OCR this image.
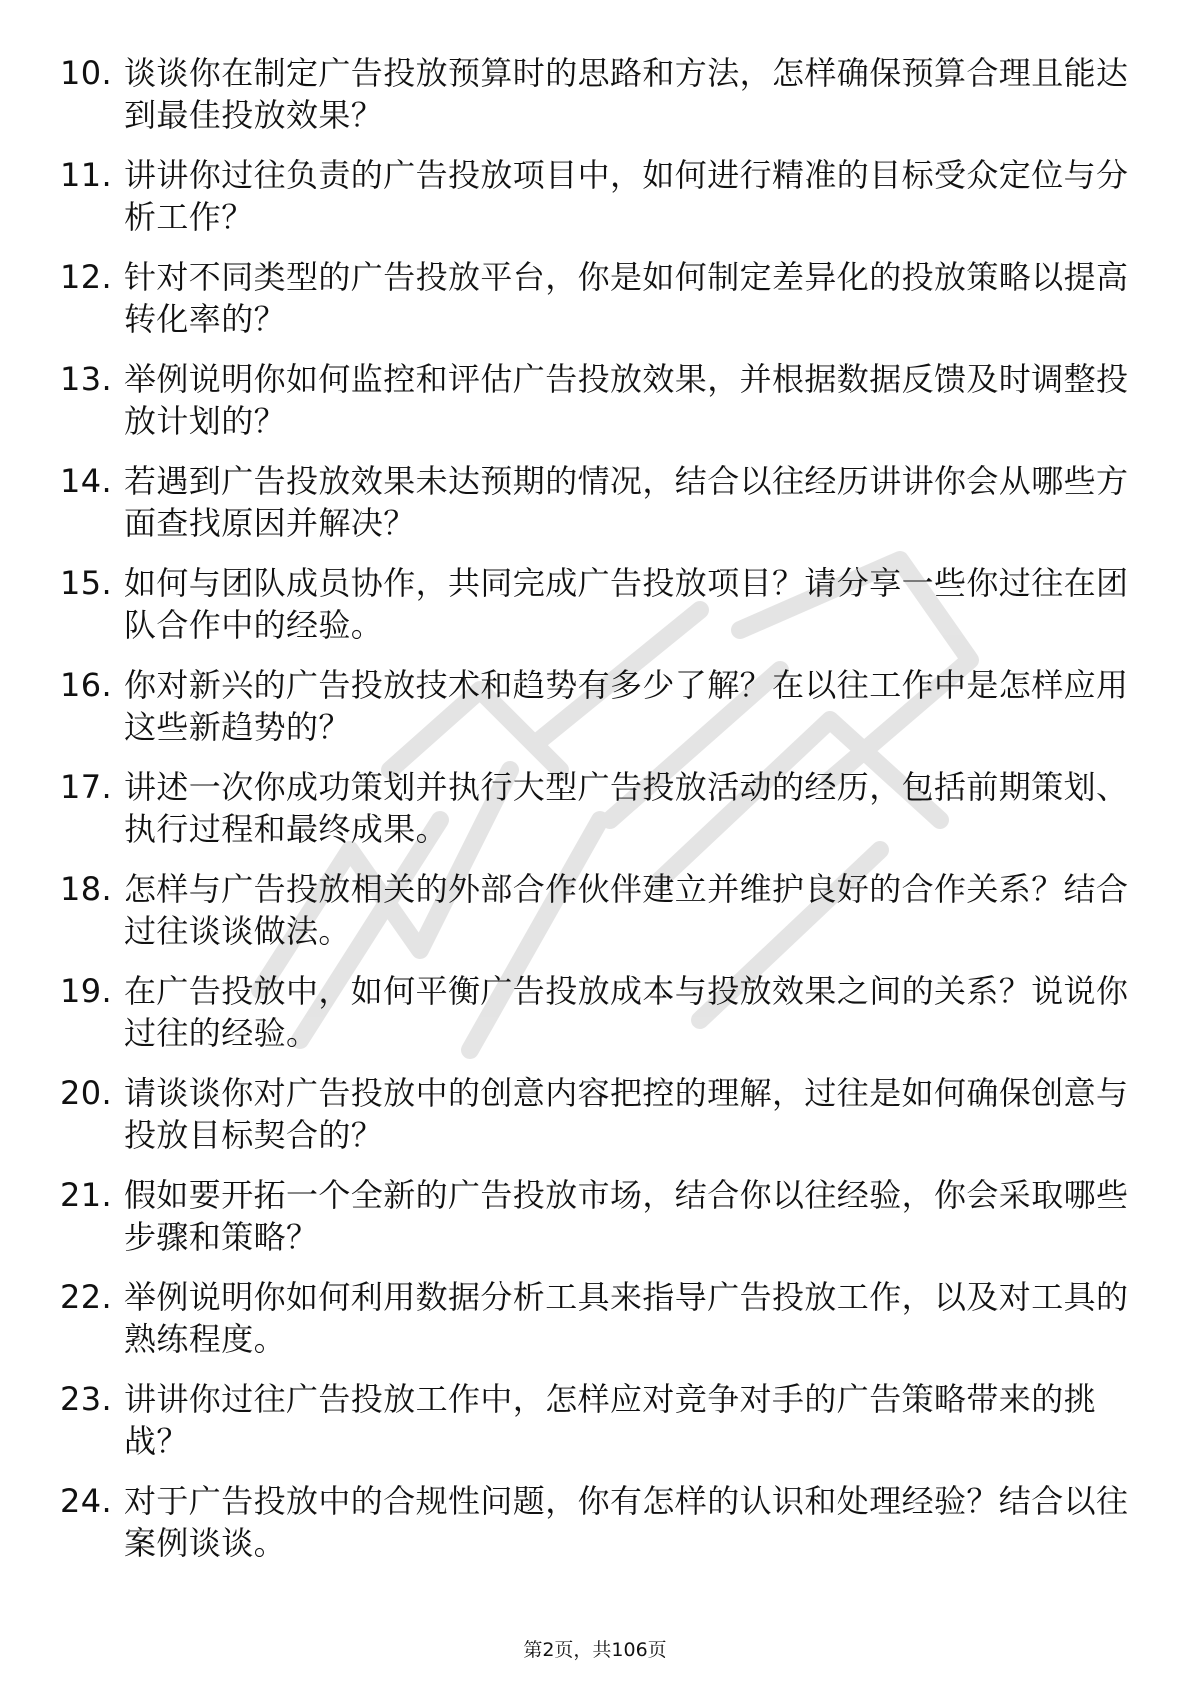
10. 谈谈你在制定广告投放预算时的思路和方法，怎样确保预算合理且能达到最佳投放效果？
11. 讲讲你过往负责的广告投放项目中，如何进行精准的目标受众定位与分析工作？
12. 针对不同类型的广告投放平台，你是如何制定差异化的投放策略以提高转化率的？
13. 举例说明你如何监控和评估广告投放效果，并根据数据反馈及时调整投放计划的？
14. 若遇到广告投放效果未达预期的情况，结合以往经历讲讲你会从哪些方面查找原因并解决？
15. 如何与团队成员协作，共同完成广告投放项目？请分享一些你过往在团队合作中的经验。
16. 你对新兴的广告投放技术和趋势有多少了解？在以往工作中是怎样应用这些新趋势的？
17. 讲述一次你成功策划并执行大型广告投放活动的经历，包括前期策划、执行过程和最终成果。
18. 怎样与广告投放相关的外部合作伙伴建立并维护良好的合作关系？结合过往谈谈做法。
19. 在广告投放中，如何平衡广告投放成本与投放效果之间的关系？说说你过往的经验。
20. 请谈谈你对广告投放中的创意内容把控的理解，过往是如何确保创意与投放目标契合的？
21. 假如要开拓一个全新的广告投放市场，结合你以往经验，你会采取哪些步骤和策略？
22. 举例说明你如何利用数据分析工具来指导广告投放工作，以及对工具的熟练程度。
23. 讲讲你过往广告投放工作中，怎样应对竞争对手的广告策略带来的挑战？
24. 对于广告投放中的合规性问题，你有怎样的认识和处理经验？结合以往案例谈谈。
第2页，共106页
